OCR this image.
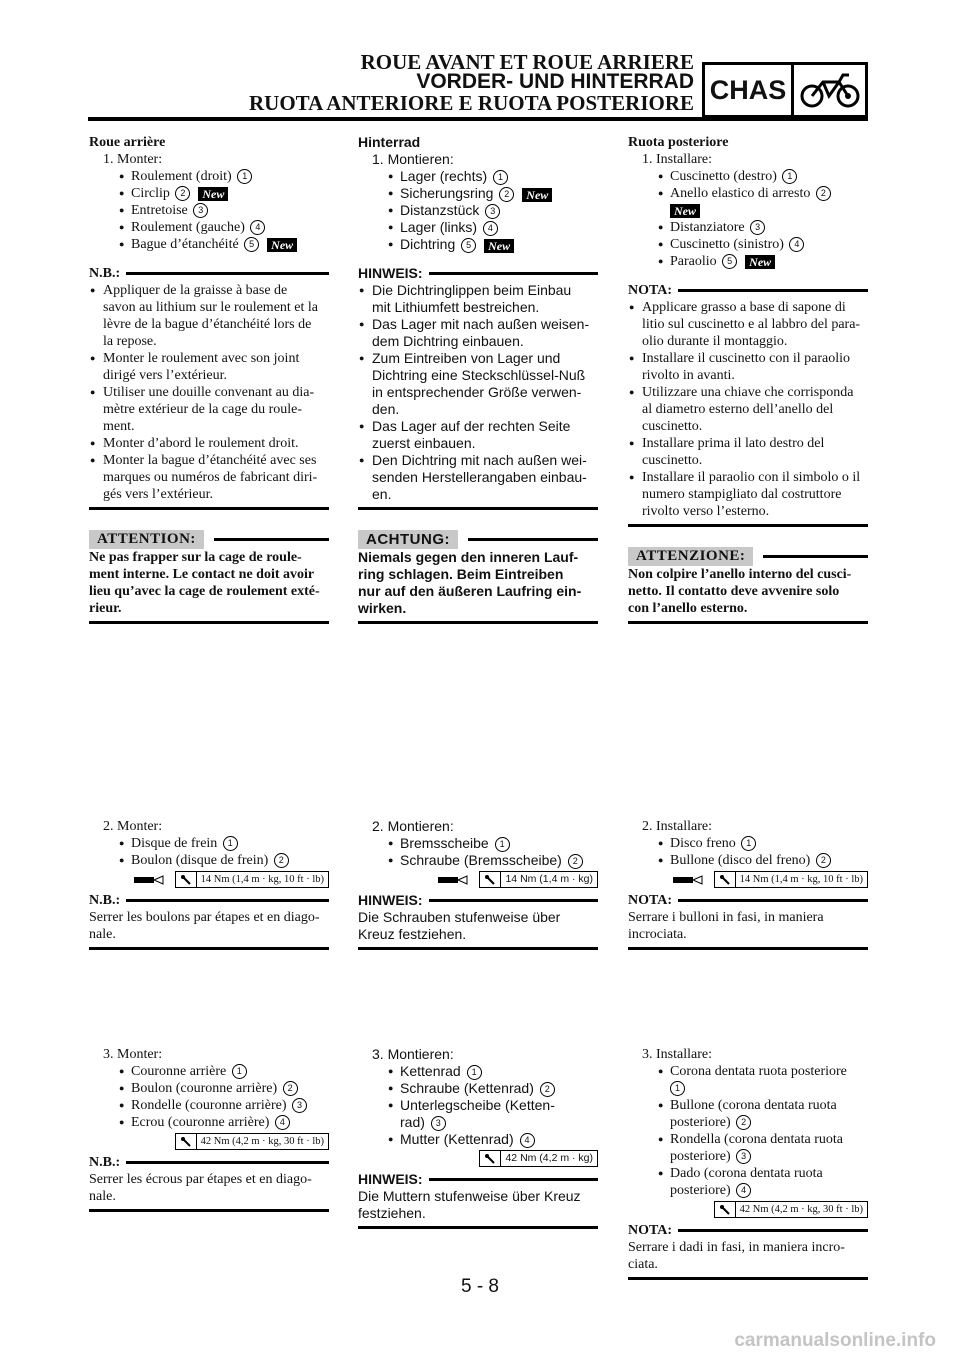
ROUE AVANT ET ROUE ARRIERE
VORDER- UND HINTERRAD
RUOTA ANTERIORE E RUOTA POSTERIORE CHAS
Roue arrière
1. Monter:
● Roulement (droit) 1
● Circlip 2 New
● Entretoise 3
● Roulement (gauche) 4
● Bague d’étanchéité 5 New
N.B.:
● Appliquer de la graisse à base de
savon au lithium sur le roulement et la
lèvre de la bague d’étanchéité lors de
la repose.
● Monter le roulement avec son joint
dirigé vers l’extérieur.
● Utiliser une douille convenant au dia-
mètre extérieur de la cage du roule-
ment.
● Monter d’abord le roulement droit.
● Monter la bague d’étanchéité avec ses
marques ou numéros de fabricant diri-
gés vers l’extérieur.
ATTENTION:
Ne pas frapper sur la cage de roule-
ment interne. Le contact ne doit avoir
lieu qu’avec la cage de roulement exté-
rieur.
2. Monter:
● Disque de frein 1
● Boulon (disque de frein) 2
14 Nm (1,4 m · kg, 10 ft · lb)
N.B.:
Serrer les boulons par étapes et en diago-
nale.
3. Monter:
● Couronne arrière 1
● Boulon (couronne arrière) 2
● Rondelle (couronne arrière) 3
● Ecrou (couronne arrière) 4
42 Nm (4,2 m · kg, 30 ft · lb)
N.B.:
Serrer les écrous par étapes et en diago-
nale.
Hinterrad
1. Montieren:
● Lager (rechts) 1
● Sicherungsring 2 New
● Distanzstück 3
● Lager (links) 4
● Dichtring 5 New
HINWEIS:
● Die Dichtringlippen beim Einbau
mit Lithiumfett bestreichen.
● Das Lager mit nach außen weisen-
dem Dichtring einbauen.
● Zum Eintreiben von Lager und
Dichtring eine Steckschlüssel-Nuß
in entsprechender Größe verwen-
den.
● Das Lager auf der rechten Seite
zuerst einbauen.
● Den Dichtring mit nach außen wei-
senden Herstellerangaben einbau-
en.
ACHTUNG:
Niemals gegen den inneren Lauf-
ring schlagen. Beim Eintreiben
nur auf den äußeren Laufring ein-
wirken.
2. Montieren:
● Bremsscheibe 1
● Schraube (Bremsscheibe) 2
14 Nm (1,4 m · kg)
HINWEIS:
Die Schrauben stufenweise über
Kreuz festziehen.
3. Montieren:
● Kettenrad 1
● Schraube (Kettenrad) 2
● Unterlegscheibe (Ketten-
rad) 3
● Mutter (Kettenrad) 4
42 Nm (4,2 m · kg)
HINWEIS:
Die Muttern stufenweise über Kreuz
festziehen.
Ruota posteriore
1. Installare:
● Cuscinetto (destro) 1
● Anello elastico di arresto 2
New
● Distanziatore 3
● Cuscinetto (sinistro) 4
● Paraolio 5 New
NOTA:
● Applicare grasso a base di sapone di
litio sul cuscinetto e al labbro del para-
olio durante il montaggio.
● Installare il cuscinetto con il paraolio
rivolto in avanti.
● Utilizzare una chiave che corrisponda
al diametro esterno dell’anello del
cuscinetto.
● Installare prima il lato destro del
cuscinetto.
● Installare il paraolio con il simbolo o il
numero stampigliato dal costruttore
rivolto verso l’esterno.
ATTENZIONE:
Non colpire l’anello interno del cusci-
netto. Il contatto deve avvenire solo
con l’anello esterno.
2. Installare:
● Disco freno 1
● Bullone (disco del freno) 2
14 Nm (1,4 m · kg, 10 ft · lb)
NOTA:
Serrare i bulloni in fasi, in maniera
incrociata.
3. Installare:
● Corona dentata ruota posteriore
1
● Bullone (corona dentata ruota
posteriore) 2
● Rondella (corona dentata ruota
posteriore) 3
● Dado (corona dentata ruota
posteriore) 4
42 Nm (4,2 m · kg, 30 ft · lb)
NOTA:
Serrare i dadi in fasi, in maniera incro-
ciata.
5 - 8
carmanualsonline.info
